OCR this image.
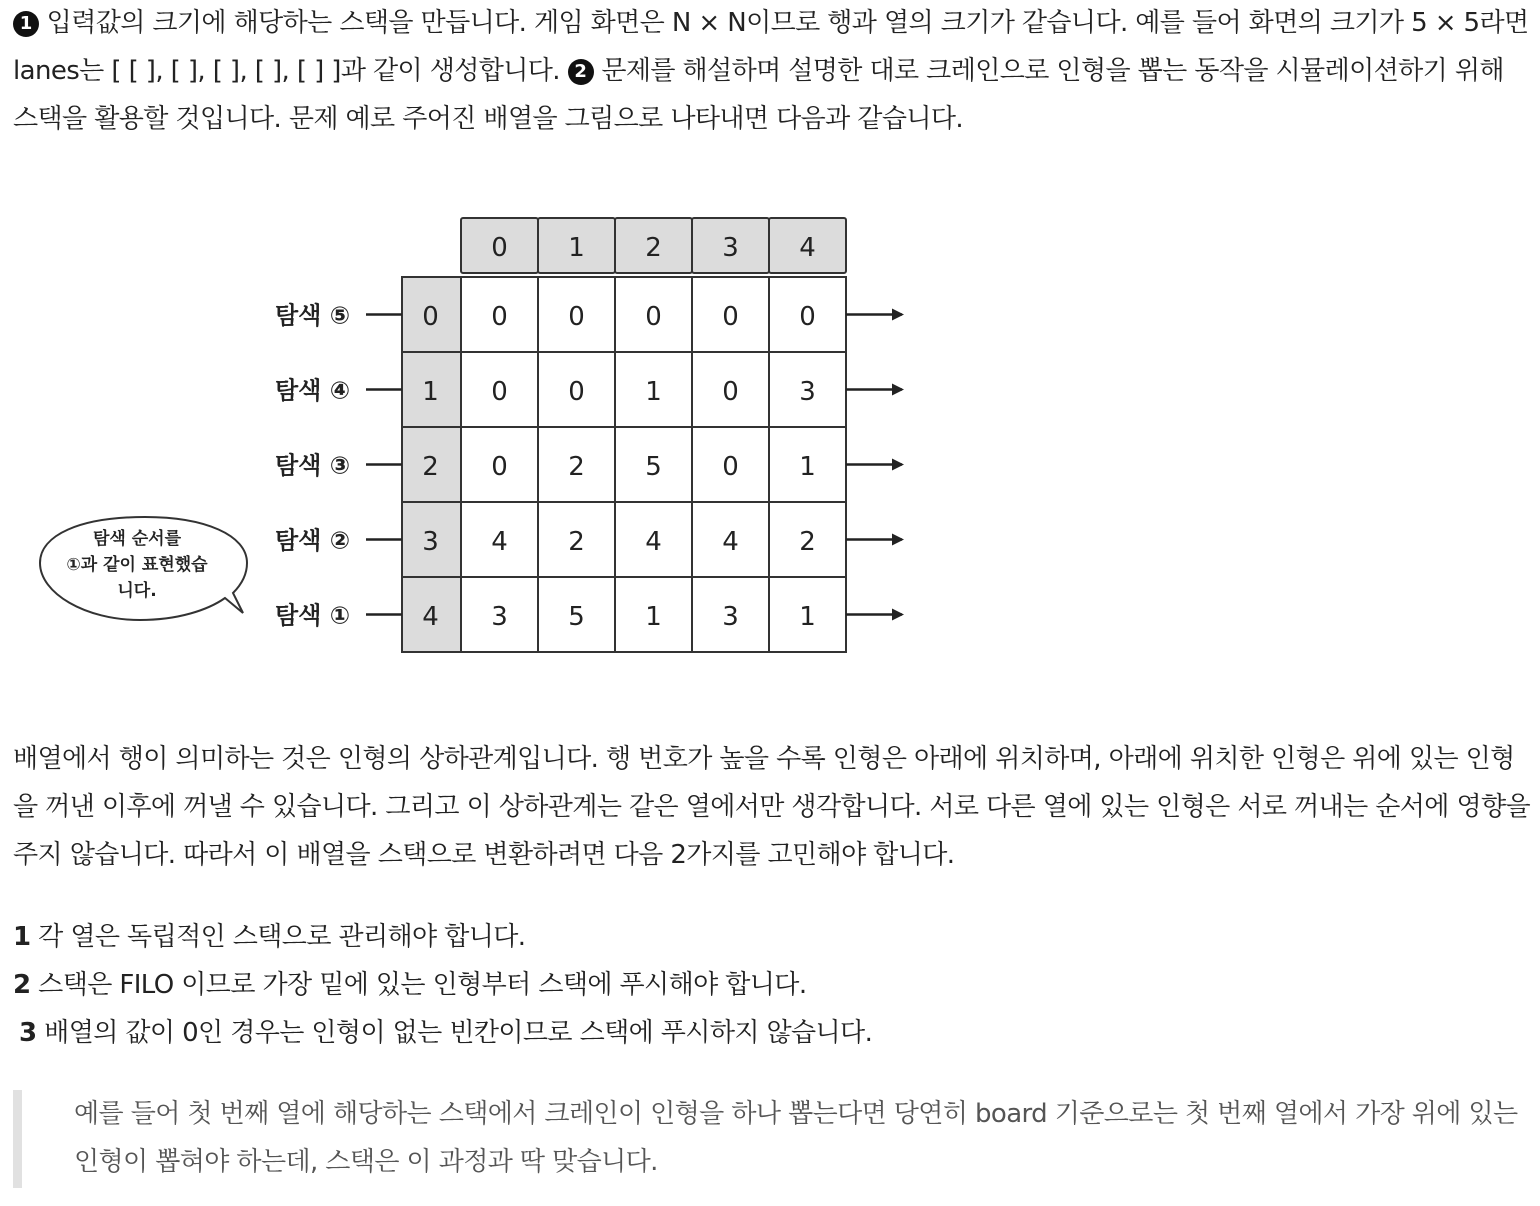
1 입력값의 크기에 해당하는 스택을 만듭니다. 게임 화면은 N × N이므로 행과 열의 크기가 같습니다. 예를 들어 화면의 크기가 5 × 5라면 lanes는 [ [ ], [ ], [ ], [ ], [ ] ]과 같이 생성합니다. 2 문제를 해설하며 설명한 대로 크레인으로 인형을 뽑는 동작을 시뮬레이션하기 위해 스택을 활용할 것입니다. 문제 예로 주어진 배열을 그림으로 나타내면 다음과 같습니다.

탐색 순서를
①과 같이 표현했습
니다.
0 1 2 3 4
0
1
2
3
4
0 0 0 0 0
0 0 1 0 3
0 2 5 0 1
4 2 4 4 2
3 5 1 3 1
탐색 ⑤
탐색 ④
탐색 ③
탐색 ②
탐색 ①

배열에서 행이 의미하는 것은 인형의 상하관계입니다. 행 번호가 높을 수록 인형은 아래에 위치하며, 아래에 위치한 인형은 위에 있는 인형을 꺼낸 이후에 꺼낼 수 있습니다. 그리고 이 상하관계는 같은 열에서만 생각합니다. 서로 다른 열에 있는 인형은 서로 꺼내는 순서에 영향을 주지 않습니다. 따라서 이 배열을 스택으로 변환하려면 다음 2가지를 고민해야 합니다.

1 각 열은 독립적인 스택으로 관리해야 합니다.
2 스택은 FILO 이므로 가장 밑에 있는 인형부터 스택에 푸시해야 합니다.
3 배열의 값이 0인 경우는 인형이 없는 빈칸이므로 스택에 푸시하지 않습니다.
예를 들어 첫 번째 열에 해당하는 스택에서 크레인이 인형을 하나 뽑는다면 당연히 board 기준으로는 첫 번째 열에서 가장 위에 있는 인형이 뽑혀야 하는데, 스택은 이 과정과 딱 맞습니다.
